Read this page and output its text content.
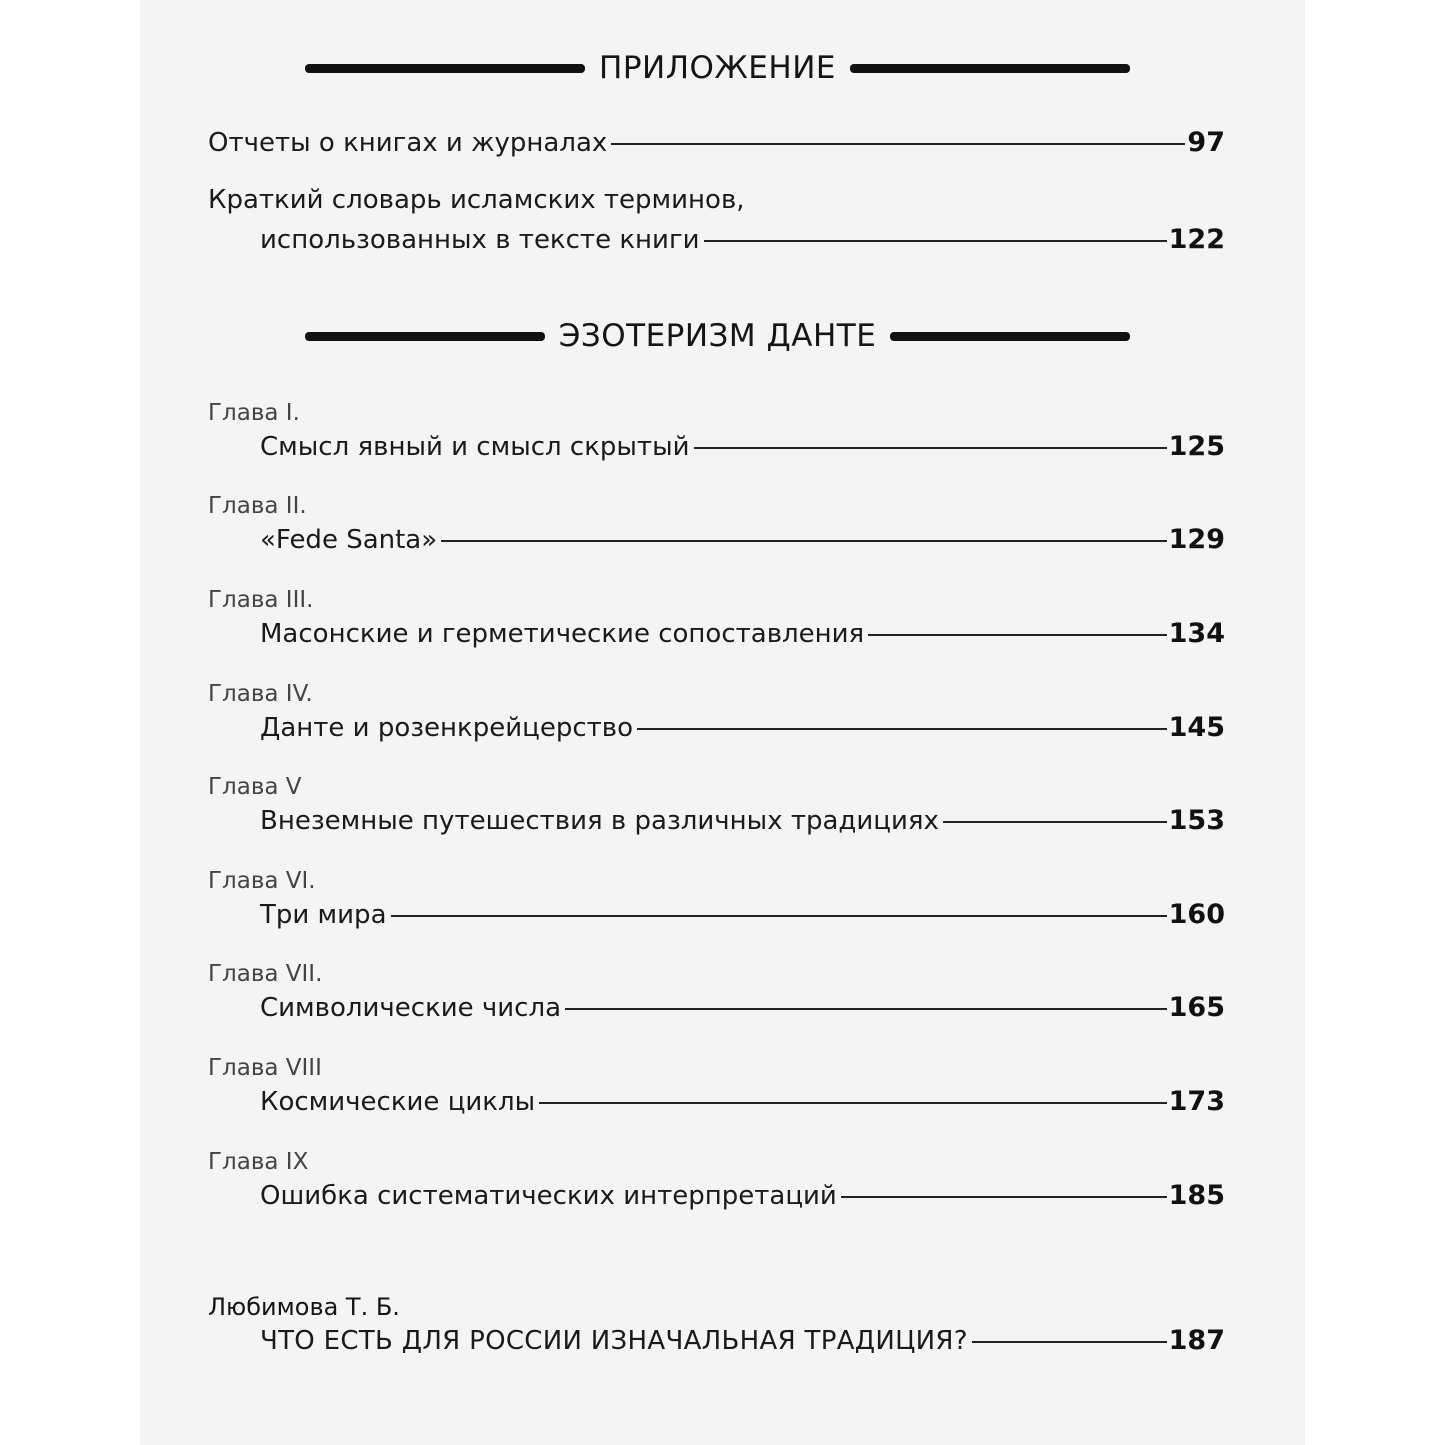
ПРИЛОЖЕНИЕ
Отчеты о книгах и журналах	97
Краткий словарь исламских терминов,
использованных в тексте книги	122
ЭЗОТЕРИЗМ ДАНТЕ
Глава I.
Смысл явный и смысл скрытый	125
Глава II.
«Fede Santa»	129
Глава III.
Масонские и герметические сопоставления	134
Глава IV.
Данте и розенкрейцерство	145
Глава V
Внеземные путешествия в различных традициях	153
Глава VI.
Три мира	160
Глава VII.
Символические числа	165
Глава VIII
Космические циклы	173
Глава IX
Ошибка систематических интерпретаций	185
Любимова Т. Б.
ЧТО ЕСТЬ ДЛЯ РОССИИ ИЗНАЧАЛЬНАЯ ТРАДИЦИЯ?	187
